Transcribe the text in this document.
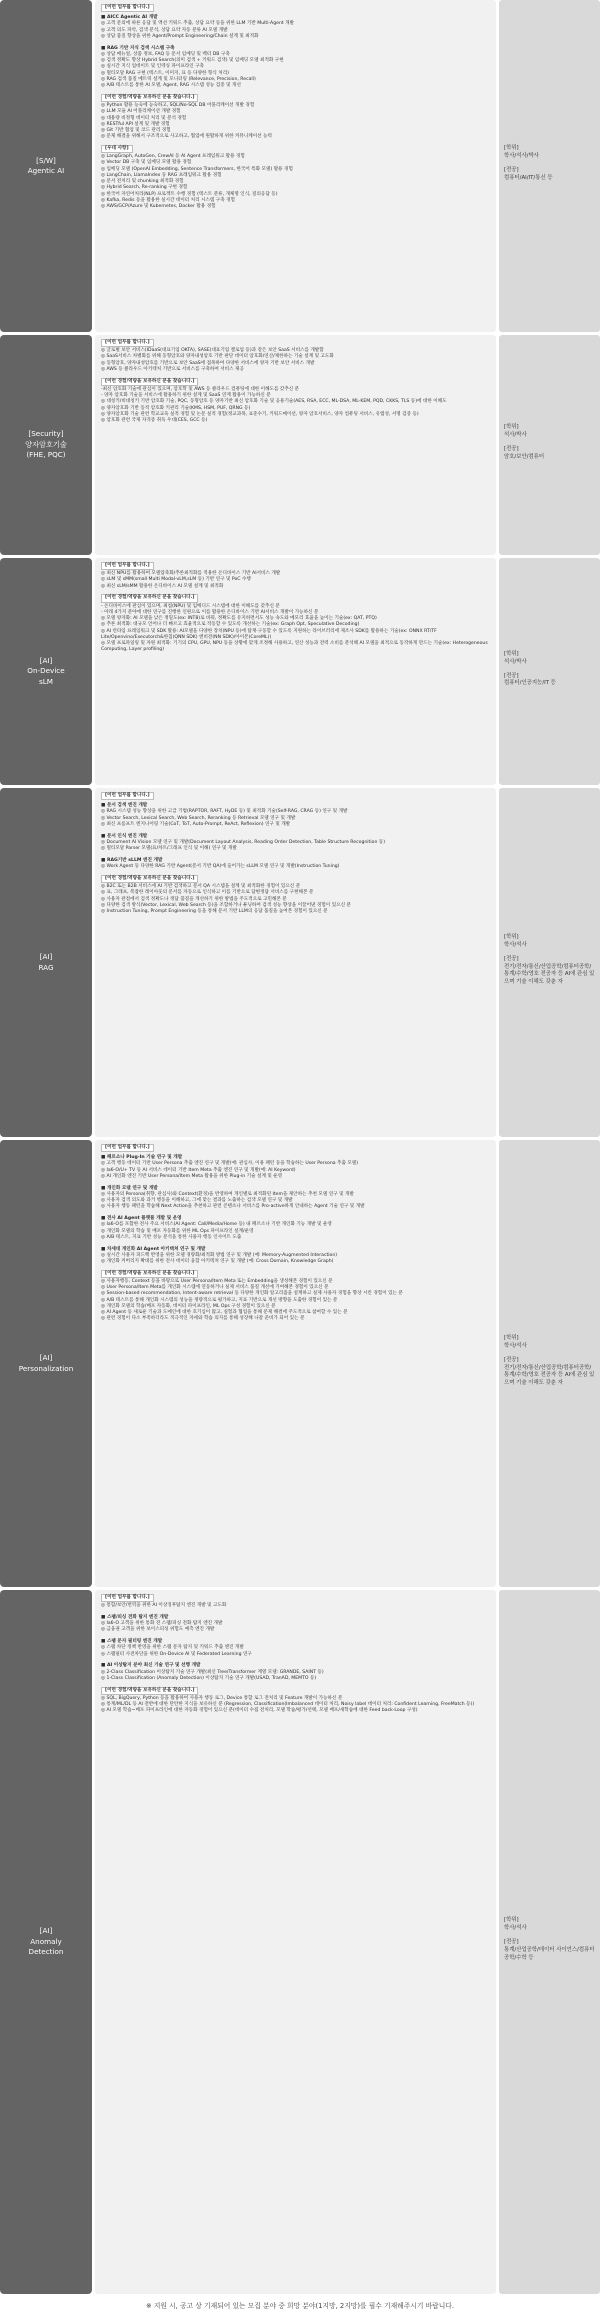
[S/W]
Agentic AI
[이런 업무를 합니다.]
■ AICC Agentic AI 개발
◎ 고객 문의에 따른 응답 및 액션 키워드 추출, 상담 요약 등을 위한 LLM 기반 Multi-Agent 개발
◎ 고객 의도 파악, 검색 분석, 상담 요약 자동 분류 AI 모델 개발
◎ 상담 품질 향상을 위한 Agent/Prompt Engineering/Chain 설계 및 최적화
■ RAG 기반 지식 검색 시스템 구축
◎ 상담 매뉴얼, 상품 정보, FAQ 등 문서 임베딩 및 벡터 DB 구축
◎ 검색 정확도 향상 Hybrid Search(의미 검색 + 키워드 검색) 및 임베딩 모델 최적화 구현
◎ 실시간 지식 업데이트 및 인덱싱 파이프라인 구축
◎ 멀티모달 RAG 구현 (텍스트, 이미지, 표 등 다양한 형식 처리)
◎ RAG 검색 품질 메트릭 설계 및 모니터링 (Relevance, Precision, Recall)
◎ A/B 테스트를 통한 AI 모델, Agent, RAG 시스템 성능 검증 및 개선
[이런 경험/역량을 보유하신 분을 찾습니다.]
◎ Python 활용 능숙에 능숙하고, SQL/No-SQL DB 어플리케이션 개발 경험
◎ LLM 모듈 AI 어플리케이션 개발 경험
◎ 대용량 비정형 데이터 처리 및 분석 경험
◎ RESTful API 설계 및 개발 경험
◎ Git 기반 협업 및 코드 관리 경험
◎ 문제 해결을 위해서 구조적으로 사고하고, 협업에 원활하게 위한 커뮤니케이션 능력
[우대 사항]
◎ LangGraph, AutoGen, CrewAI 등 AI Agent 프레임워크 활용 경험
◎ Vector DB 구축 및 임베딩 모델 활용 경험
◎ 임베딩 모델 (OpenAI Embedding, Sentence Transformers, 한국어 특화 모델) 활용 경험
◎ LangChain, LlamaIndex 등 RAG 프레임워크 활용 경험
◎ 문서 전처리 및 chunking 최적화 경험
◎ Hybrid Search, Re-ranking 구현 경험
◎ 한국어 자연어처리(NLP) 프로젝트 수행 경험 (텍스트 분류, 개체명 인식, 질의응답 등)
◎ Kafka, Redis 등을 활용한 실시간 데이터 처리 시스템 구축 경험
◎ AWS/GCP/Azure 및 Kubernetes, Docker 활용 경험
[학위]
학사/석사/박사
[전공]
컴퓨터/AI/IT/통신 등
[Security]
양자암호기술
(FHE, PQC)
[이런 업무를 합니다.]
◎ 글로벌 보안 서비스(IDaaS(대표기업 OKTA), SASE(대표기업 켈로업 등)과 같은 보안 SaaS 서비스를 개발함
◎ SaaS서비스 차별화를 위해 동형암호와 양자내성암호 기반 판단 데이터 암호화/연산/제한하는 기술 설계 및 고도화
◎ 동형암호, 양자내성암호를 기반으로 보안 SaaS에 접목하여 다양한 서비스에 양자 기반 보안 서비스 개발
◎ AWS 등 클라우드 아키텍처 기반으로 서비스를 구축하여 서비스 제공
[이런 경험/역량을 보유하신 분을 찾습니다.]
-최신 암호화 기술에 관심이 있으며, 암호학 및 AWS 등 클라우드 컴퓨팅에 대한 이해도를 갖추신 분
- 양자 암호화 기술을 서비스에 활용하기 위한 설계 및 SaaS 연계 활용이 가능하신 분
◎ 대칭키/비대칭키 기반 암호화 기술, PQC, 동형암호 등 양자기반 최신 암호화 기술 및 응용기술(AES, RSA, ECC, ML-DSA, ML-KEM, PQD, CKKS, TLS 등)에 대한 이해도
◎ 양자암호화 기반 동적 암호화 키관리 기술(KMS, HSM, PUF, QRNG 등)
◎ 양자암호화 기술 관련 학교교육 실적 경험 및 논문 실적 경험(정교과목, 표준수기, 키워드메이션, 양자 암호서비스, 양자 컴퓨팅 서비스, 유엠성, 서명 검증 등)
◎ 암호화 관련 국제 자격증 취득 우대(CES, GCC 등)
[학위]
석사/박사
[전공]
암호/보안/컴퓨터
[AI]
On-Device
sLM
[이런 업무를 합니다.]
◎ 최신 NPU를 활용하여 모델압축화/추론최적화를 적용한 온디바이스 기반 AI서비스 개발
◎ sLM 및 sMM(small Multi Modal-vLM,sLM 등) 기반 연구 및 PoC 수행
◎ 최신 sLM/sMM 활용한 온디바이스 AI 모델 설계 및 최적화
[이런 경험/역량을 보유하신 분을 찾습니다.]
- 온디바이스에 관심이 있으며, 최첨(NPU) 및 임베디드 시스템에 대한 이해도를 갖추신 분
- 아래 4가지 분야에 대한 연구를 진행한 인원으로 이를 활용한 온디바이스 기반 AI서비스 개발이 가능하신 분
◎ 모델 양자화: AI 모델을 낮은 정밀도(ex: INT8)로 바꿔, 정확도를 유지하면서도 성능 속도와 메모리 효율을 높이는 기술(ex: QAT, PTQ)
◎ 추론 최적화: 대규모 언어나 더 빠르고 효율적으로 작동할 수 있도록 개선하는 기술(ex: Graph Opt, Speculative Decoding)
◎ AI 런타임 프레임워크 및 SDK 활용: AI모델을 다양한 장치(NPU 등)에 탑재·구동할 수 있도록 지원하는 라이브러리에 제조사 SDK를 활용하는 기술(ex: ONNX RT/TF Lite/Openvino/Executorch&한칩(QNN SDK) 엔비전(NN SDK)/아이폰(CoreML))
◎ 모델 프로파일링 및 자원 최적화: 기기의 CPU, GPU, NPU 등을 상황에 맞게 조정해 사용하고, 연산 성능과 전력 소비를 분석해 AI 모델을 최적으로 동작하게 만드는 기술(ex: Heterogeneous Computing, Layer profiling)
[학위]
석사/박사
[전공]
컴퓨터/인공지능/IT 등
[AI]
RAG
[이런 업무를 합니다.]
■ 문서 검색 엔진 개발
◎ RAG 시스템 성능 향상을 위한 고급 기법(RAPTOR, RAFT, HyDE 등) 및 최적화 기술(Self-RAG, CRAG 등) 연구 및 개발
◎ Vector Search, Lexical Search, Web Search, Reranking 등 Retrieval 모델 연구 및 개발
◎ 최신 프롬프트 엔지니어링 기술(CoT, ToT, Auto-Prompt, ReAct, Reflexion) 연구 및 개발
■ 문서 인식 엔진 개발
◎ Document AI Vision 모델 연구 및 개발(Document Layout Analysis, Reading Order Detection, Table Structure Recognition 등)
◎ 멀티모달 Parser 모델(표/차트/그래프 인식 및 이해) 연구 및 개발
■ RAG기반 sLLM 엔진 개발
◎ Work Agent 등 다양한 RAG 기반 Agent(문서 기반 QA)에 들어가는 sLLM 모델 연구 및 개발(Instruction Tuning)
[이런 경험/역량을 보유하신 분을 찾습니다.]
◎ B2C 또는 B2B 서비스에 AI 기반 검색하고 문서 QA 시스템을 설계 및 최적화한 경험이 있으신 분
◎ 표, 그래프, 복잡한 레이아웃의 문서를 자동으로 인식하고 이를 기반으로 답변정답 서비스를 구현해본 분
◎ 사용자 관점에서 검색 정확도나 정답 품질을 개선하기 위한 방법을 주도적으로 고민해본 분
◎ 다양한 검색 방식(Vector, Lexical, Web Search 등)을 조합하거나 튜닝하여 검색 성능 향상을 이끌어낸 경험이 있으신 분
◎ Instruction Tuning, Prompt Engineering 등을 통해 문서 기반 LLM의 응답 품질을 높여본 경험이 있으신 분
[학위]
학사/석사
[전공]
전기/전자/통신/산업공학/컴퓨터공학/통계/수학/영호 전공자 등 AI에 관심 있으며 기술 이해도 갖춘 자
[AI]
Personalization
[이런 업무를 합니다.]
■ 페르소나 Plug-In 기술 연구 및 개발
◎ 고객 행동 데이터 기반 User Persona 추출 엔진 연구 및 개발(예: 관심사, 이용 패턴 등을 학습하는 User Persona 추출 모델)
◎ Ia6-O/U+ TV 등 AI 서비스 데이터 기반 Item Meta 추출 엔진 연구 및 개발(예: AI Keyword)
◎ AI 개인화 엔진 기반 User Persona/Item Meta 활용을 위한 Plug-in 기술 설계 및 운영
■ 개인화 모델 연구 및 개발
◎ 사용자의 Persona(취향, 관심사)와 Context(환경)을 반영하여 개인별로 최적화된 Item을 제안하는 추천 모델 연구 및 개발
◎ 사용자 검색 의도와 과거 행동을 이해하고, 그에 맞는 결과를 노출하는 검색 모델 연구 및 개발
◎ 사용자 행동 패턴을 학습해 Next Action을 추천하고 관련 콘텐츠나 서비스를 Pro-active하게 안내하는 Agent 기술 연구 및 개발
■ 전사 AI Agent 플랫폼 개발 및 운영
◎ Ia6-O를 포함한 전사 주요 서비스(AI Agent: Call/Media/Home 등) 내 페르소나 기반 개인화 기능 개발 및 운영
◎ 개인화 모델의 학습 및 배포 자동화를 위한 ML Ops 파이프라인 설계/운영
◎ A/B 테스트, 지표 기반 성능 분석을 통한 사용자 행동 인사이트 도출
■ 차세대 개인화 AI Agent 아키텍쳐 연구 및 개발
◎ 실시간 사용자 피드백 반영을 위한 모델 경량화/최적화 방법 연구 및 개발 (예: Memory-Augmented Interaction)
◎ 개인화 커버리지 확대를 위한 전사 데이터 융합 아키텍쳐 연구 및 개발 (예: Cross Domain, Knowledge Graph)
[이런 경험/역량을 보유하신 분을 찾습니다.]
◎ 사용자행동, Context 등을 바탕으로 User Persona/Item Meta 또는 Embedding을 생성해본 경험이 있으신 분
◎ User Persona/Item Meta를 개인화 시스템에 연동하거나 실제 서비스 품질 개선에 기여해본 경험이 있으신 분
◎ Session-based recommendation, Intent-aware retrieval 등 다양한 개인화 알고리즘을 설계하고 실제 사용자 경험을 향상 시킨 경험이 있는 분
◎ A/B 테스트를 통해 개인화 시스템의 성능을 정량적으로 평가하고, 지표 기반으로 개선 방향을 도출한 경험이 있는 분
◎ 개인화 모델의 학습/배포 자동화, 데이터 파이프라인, ML Ops 구성 경험이 있으신 분
◎ AI Agent 등 새로운 기술과 도메인에 대한 호기심이 많고, 실험과 협업을 통해 문제 해결에 주도적으로 참여할 수 있는 분
◎ 관련 경험이 다소 부족하더라도 적극적인 자세와 학습 의지를 통해 성장해 나갈 준비가 되어 있는 분
[학위]
학사/석사
[전공]
전기/전자/통신/산업공학/컴퓨터공학/통계/수학/영호 전공자 등 AI에 관심 있으며 기술 이해도 갖춘 자
[AI]
Anomaly
Detection
[이런 업무를 합니다.]
◎ 통합/보안/번역을 위한 AI 이상징후탐지 엔진 개발 및 고도화
■ 스팸/피싱 전화 탐지 엔진 개발
◎ Ia6-O 고객을 위한 통화 전 스팸/피싱 전화 탐지 엔진 개발
◎ 금융권 고객을 위한 보이스피싱 위험도 예측 엔진 개발
■ 스팸 문자 필터링 엔진 개발
◎ 스팸 차단 정책 반영을 위한 스팸 문자 탐지 및 키워드 추출 엔진 개발
◎ 스팸필터 사전차단을 위한 On-Device AI 및 Federated Learning 연구
■ AI 이상탐지 분야 최신 기술 연구 및 선행 개발
◎ 2-Class Classification 이상탐지 기술 연구 개발(최신 Tree/Transformer 계열 모델: GRANDE, SAINT 등)
◎ 1-Class Classification (Anomaly Detection) 이상탐지 기술 연구 개발(USAD, TranAD, MEMTO 등)
[이런 경험/역량을 보유하신 분을 찾습니다.]
◎ SQL, BigQuery, Python 등을 활용하여 사용자 행동 로그, Device 통합 로그 전처리 및 Feature 개발이 가능하신 분
◎ 통계/ML/DL 등 AI 전반에 대한 탄탄한 지식을 보유하신 분 (Regression, Classification(Imbalanced 데이터 처리, Noisy label 데이터 처리: Confident Learning, FreeMatch 등))
◎ AI 모델 학습~배포 파이프라인에 대한 자동화 경험이 있으신 분(데이터 수집 전처리, 모델 학습/평가/선택, 모델 배포/새학습에 대한 Feed back-Loop 구성)
[학위]
학사/석사
[전공]
통계/산업공학/데이터 사이언스/컴퓨터 공학/수학 등
※ 지원 시, 공고 상 기재되어 있는 모집 분야 중 희망 분야(1지망, 2지망)를 필수 기재해주시기 바랍니다.
